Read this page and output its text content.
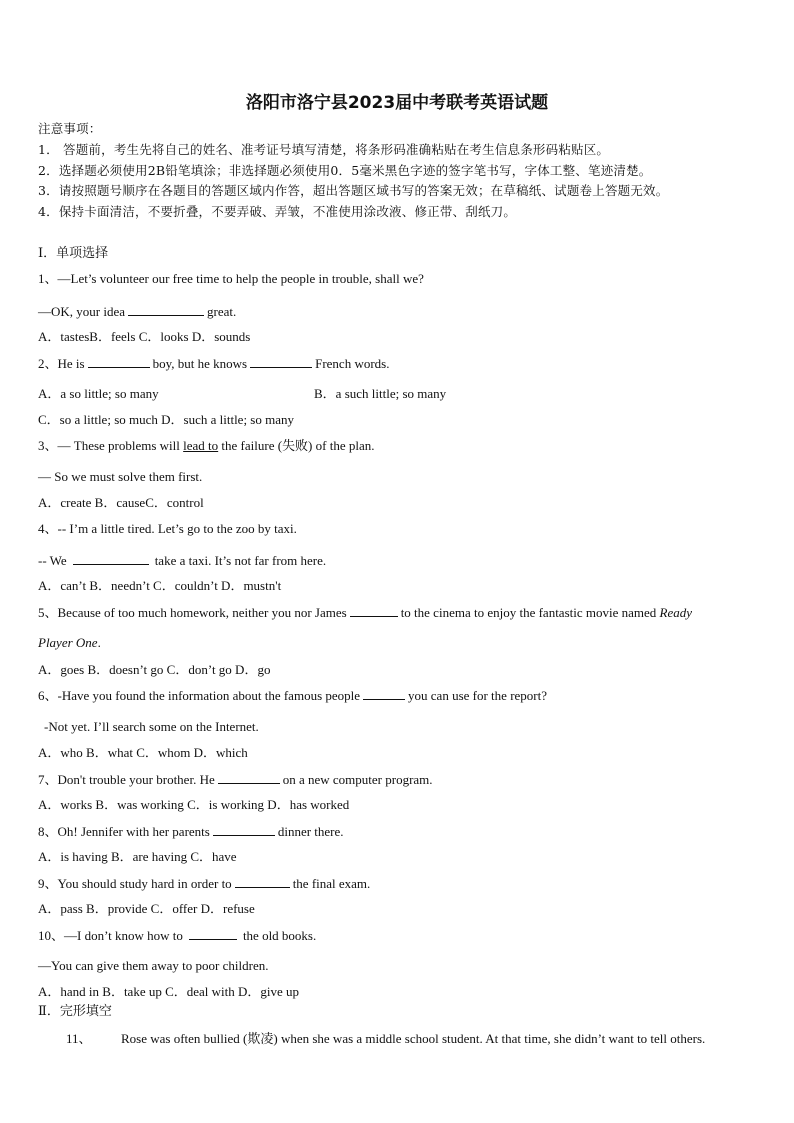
洛阳市洛宁县2023届中考联考英语试题
注意事项：
1． 答题前，考生先将自己的姓名、准考证号填写清楚，将条形码准确粘贴在考生信息条形码粘贴区。
2．选择题必须使用2B铅笔填涂；非选择题必须使用0．5毫米黑色字迹的签字笔书写，字体工整、笔迹清楚。
3．请按照题号顺序在各题目的答题区域内作答，超出答题区域书写的答案无效；在草稿纸、试题卷上答题无效。
4．保持卡面清洁，不要折叠，不要弄破、弄皱，不准使用涂改液、修正带、刮纸刀。
Ⅰ．单项选择
1、—Let’s volunteer our free time to help the people in trouble, shall we?
—OK, your idea	great.
A．tastesB．feels C．looks D．sounds
2、He is	boy, but he knows	French words.
A．a so little; so many	B．a such little; so many
C．so a little; so much D．such a little; so many
3、— These problems will lead to the failure (失败) of the plan.
— So we must solve them first.
A．create B．causeC．control
4、-- I’m a little tired. Let’s go to the zoo by taxi.
-- We	take a taxi. It’s not far from here.
A．can’t B．needn’t C．couldn’t D．mustn't
5、Because of too much homework, neither you nor James	to the cinema to enjoy the fantastic movie named Ready
Player One.
A．goes B．doesn’t go C．don’t go D．go
6、-Have you found the information about the famous people	you can use for the report?
-Not yet. I’ll search some on the Internet.
A．who B．what C．whom D．which
7、Don't trouble your brother. He	on a new computer program.
A．works B．was working C．is working D．has worked
8、Oh! Jennifer with her parents	dinner there.
A．is having B．are having C．have
9、You should study hard in order to	the final exam.
A．pass B．provide C．offer D．refuse
10、—I don’t know how to	the old books.
—You can give them away to poor children.
A．hand in B．take up C．deal with D．give up
Ⅱ．完形填空
11、 Rose was often bullied (欺凌) when she was a middle school student. At that time, she didn’t want to tell others.
